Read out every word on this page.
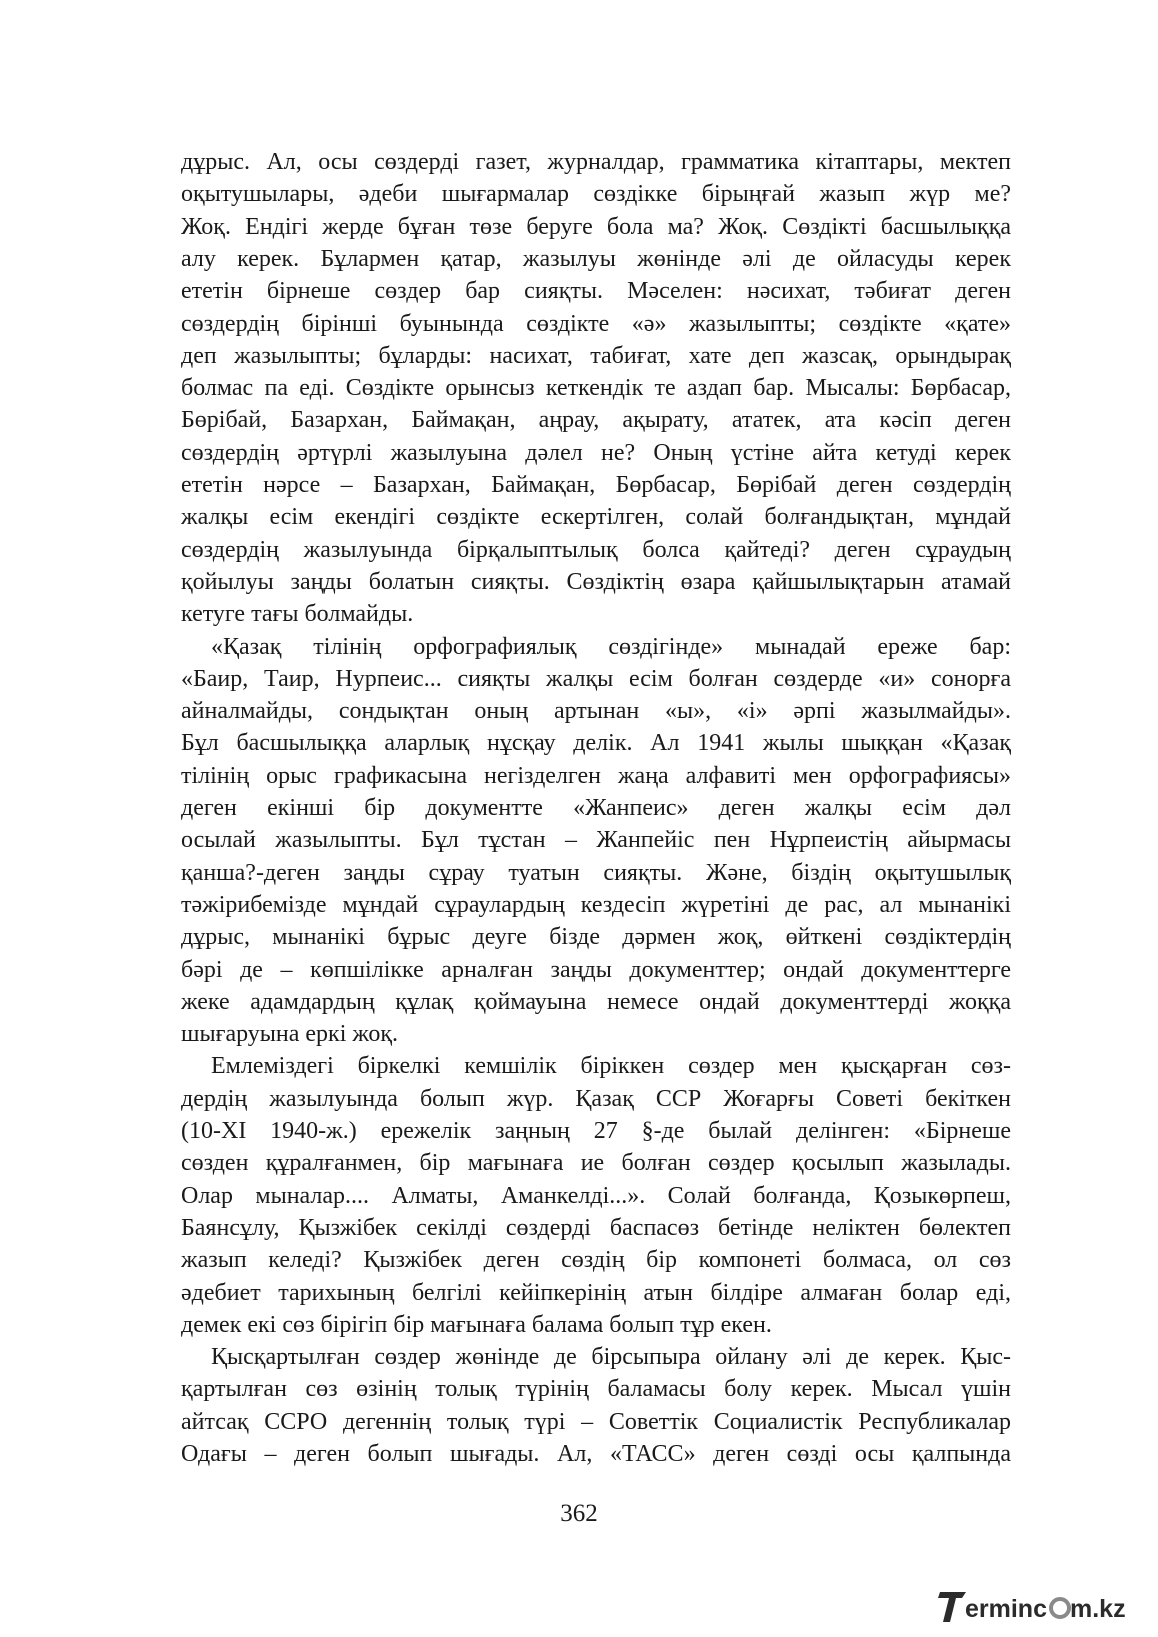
дұрыс. Ал, осы сөздерді газет, журналдар, грамматика кітаптары, мектеп
оқытушылары, әдеби шығармалар сөздікке бірыңғай жазып жүр ме?
Жоқ. Ендігі жерде бұған төзе беруге бола ма? Жоқ. Сөздікті басшылыққа
алу керек. Бұлармен қатар, жазылуы жөнінде әлі де ойласуды керек
ететін бірнеше сөздер бар сияқты. Мәселен: нәсихат, тәбиғат деген
сөздердің бірінші буынында сөздікте «ә» жазылыпты; сөздікте «қате»
деп жазылыпты; бұларды: насихат, табиғат, хате деп жазсақ, орындырақ
болмас па еді. Сөздікте орынсыз кеткендік те аздап бар. Мысалы: Бөрбасар,
Бөрібай, Базархан, Баймақан, аңрау, ақырату, ататек, ата кәсіп деген
сөздердің әртүрлі жазылуына дәлел не? Оның үстіне айта кетуді керек
ететін нәрсе – Базархан, Баймақан, Бөрбасар, Бөрібай деген сөздердің
жалқы есім екендігі сөздікте ескертілген, солай болғандықтан, мұндай
сөздердің жазылуында бірқалыптылық болса қайтеді? деген сұраудың
қойылуы заңды болатын сияқты. Сөздіктің өзара қайшылықтарын атамай
кетуге тағы болмайды.
«Қазақ тілінің орфографиялық сөздігінде» мынадай ереже бар:
«Баир, Таир, Нурпеис... сияқты жалқы есім болған сөздерде «и» сонорға
айналмайды, сондықтан оның артынан «ы», «і» әрпі жазылмайды».
Бұл басшылыққа аларлық нұсқау делік. Ал 1941 жылы шыққан «Қазақ
тілінің орыс графикасына негізделген жаңа алфавиті мен орфографиясы»
деген екінші бір документте «Жанпеис» деген жалқы есім дәл
осылай жазылыпты. Бұл тұстан – Жанпейіс пен Нұрпеистің айырмасы
қанша?-деген заңды сұрау туатын сияқты. Және, біздің оқытушылық
тәжірибемізде мұндай сұраулардың кездесіп жүретіні де рас, ал мынанікі
дұрыс, мынанікі бұрыс деуге бізде дәрмен жоқ, өйткені сөздіктердің
бәрі де – көпшілікке арналған заңды документтер; ондай документтерге
жеке адамдардың құлақ қоймауына немесе ондай документтерді жоққа
шығаруына еркі жоқ.
Емлеміздегі біркелкі кемшілік біріккен сөздер мен қысқарған сөз-
дердің жазылуында болып жүр. Қазақ ССР Жоғарғы Советі бекіткен
(10-XI 1940-ж.) ережелік заңның 27 §-де былай делінген: «Бірнеше
сөзден құралғанмен, бір мағынаға ие болған сөздер қосылып жазылады.
Олар мыналар.... Алматы, Аманкелді...». Солай болғанда, Қозыкөрпеш,
Баянсұлу, Қызжібек секілді сөздерді баспасөз бетінде неліктен бөлектеп
жазып келеді? Қызжібек деген сөздің бір компонеті болмаса, ол сөз
әдебиет тарихының белгілі кейіпкерінің атын білдіре алмаған болар еді,
демек екі сөз бірігіп бір мағынаға балама болып тұр екен.
Қысқартылған сөздер жөнінде де бірсыпыра ойлану әлі де керек. Қыс-
қартылған сөз өзінің толық түрінің баламасы болу керек. Мысал үшін
айтсақ ССРО дегеннің толық түрі – Советтік Социалистік Республикалар
Одағы – деген болып шығады. Ал, «ТАСС» деген сөзді осы қалпында
362
erminc m.kz
